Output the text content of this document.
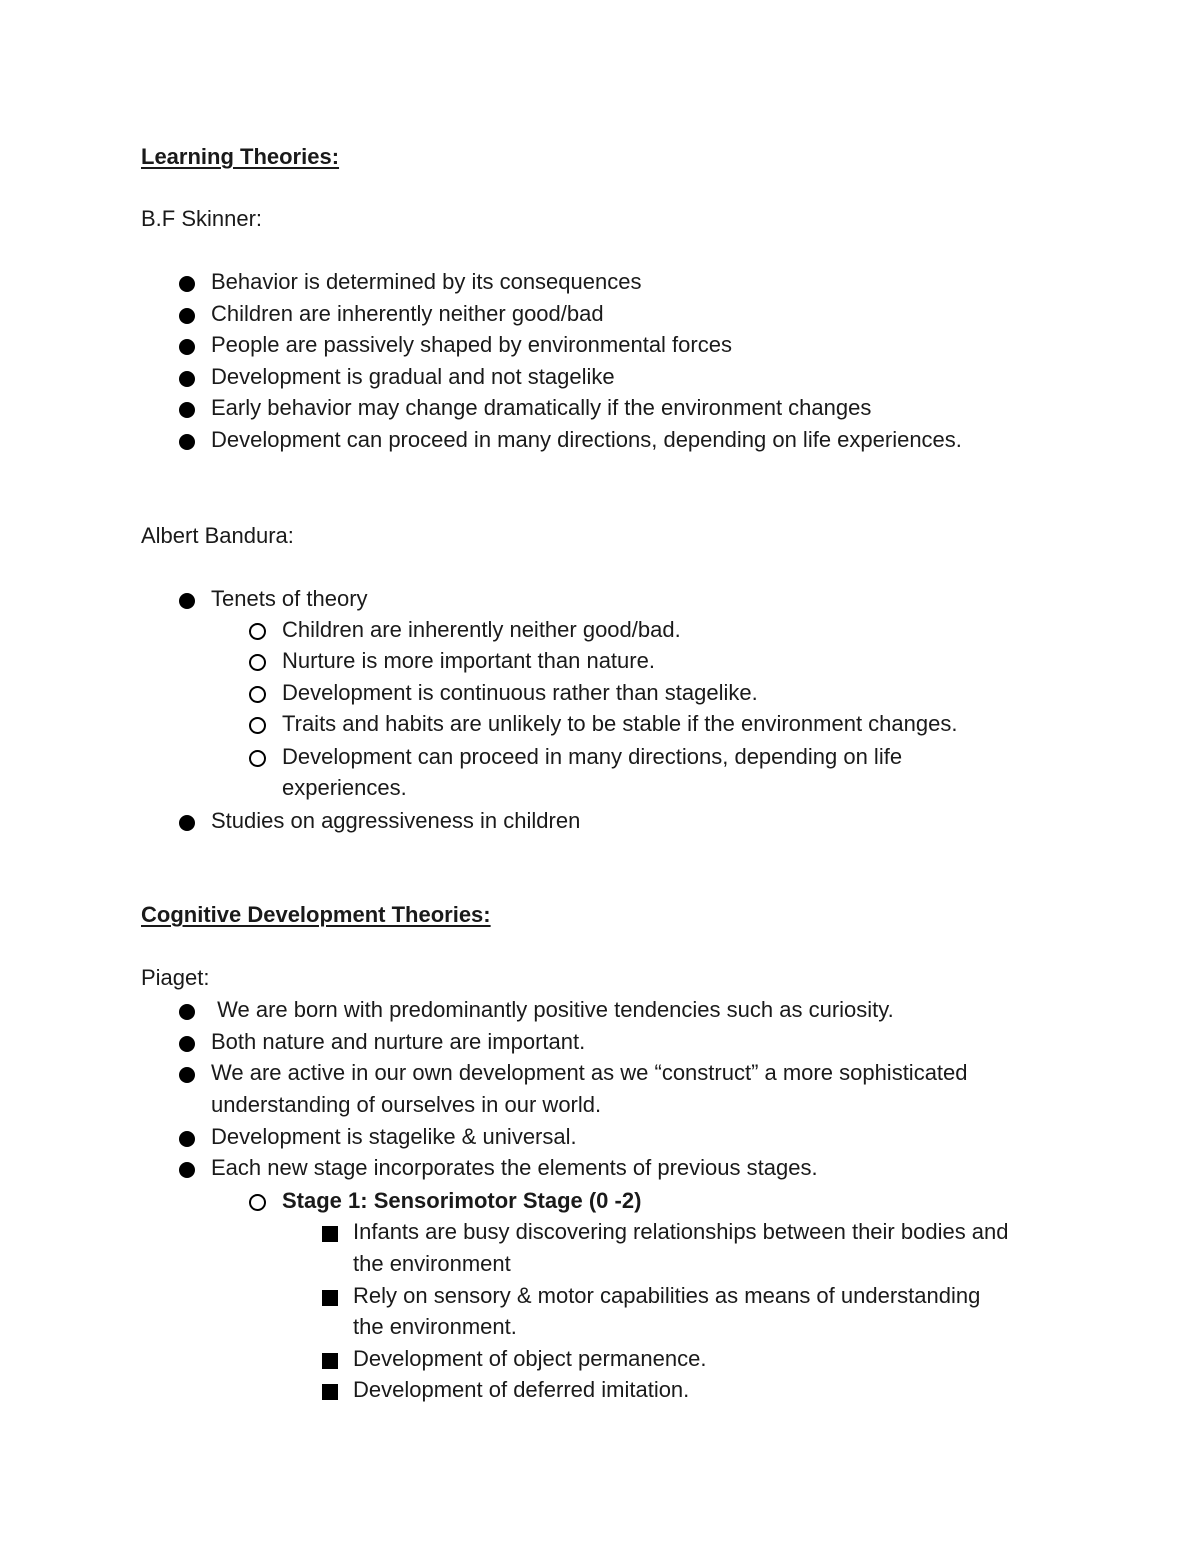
Learning Theories:
B.F Skinner:
Behavior is determined by its consequences
Children are inherently neither good/bad
People are passively shaped by environmental forces
Development is gradual and not stagelike
Early behavior may change dramatically if the environment changes
Development can proceed in many directions, depending on life experiences.
Albert Bandura:
Tenets of theory
Children are inherently neither good/bad.
Nurture is more important than nature.
Development is continuous rather than stagelike.
Traits and habits are unlikely to be stable if the environment changes.
Development can proceed in many directions, depending on life
experiences.
Studies on aggressiveness in children
Cognitive Development Theories:
Piaget:
We are born with predominantly positive tendencies such as curiosity.
Both nature and nurture are important.
We are active in our own development as we “construct” a more sophisticated
understanding of ourselves in our world.
Development is stagelike & universal.
Each new stage incorporates the elements of previous stages.
Stage 1: Sensorimotor Stage (0 -2)
Infants are busy discovering relationships between their bodies and
the environment
Rely on sensory & motor capabilities as means of understanding
the environment.
Development of object permanence.
Development of deferred imitation.
